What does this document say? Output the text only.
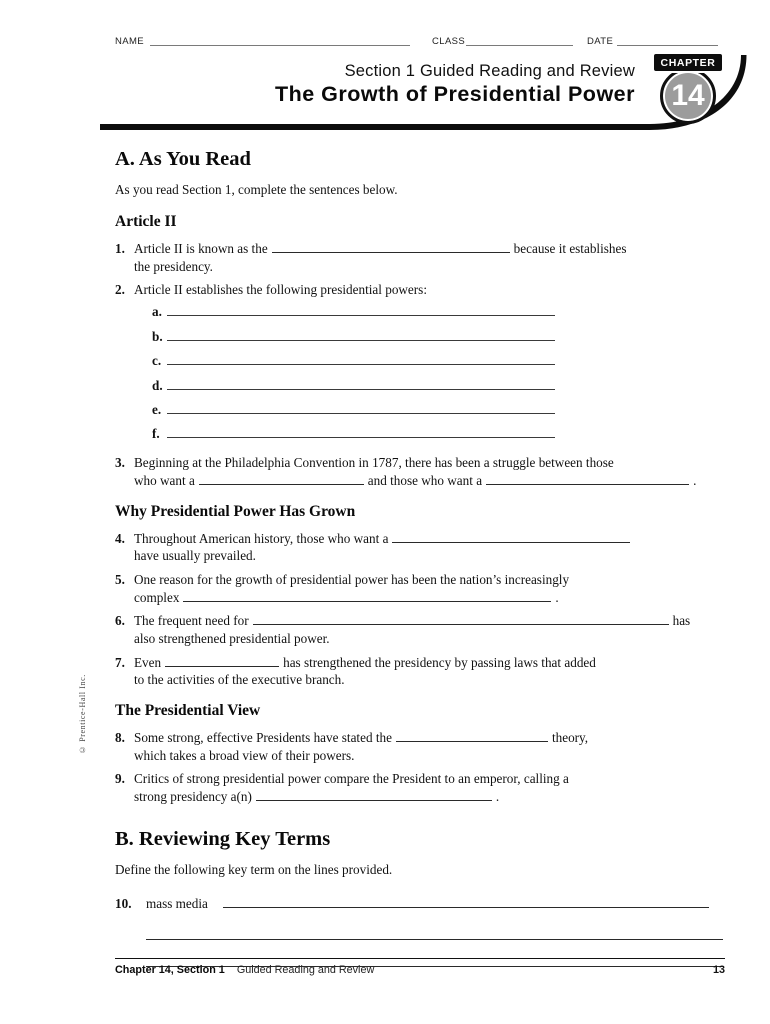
NAME	CLASS	DATE
Section 1 Guided Reading and Review
The Growth of Presidential Power	14
CHAPTER
A. As You Read
As you read Section 1, complete the sentences below.
Article II
1. Article II is known as the	because it establishes
the presidency.
2. Article II establishes the following presidential powers:
a.
b.
c.
d.
e.
f.
3. Beginning at the Philadelphia Convention in 1787, there has been a struggle between those
who want a	and those who want a	.
Why Presidential Power Has Grown
4. Throughout American history, those who want a
have usually prevailed.
5. One reason for the growth of presidential power has been the nation’s increasingly
complex	.
6. The frequent need for	has
also strengthened presidential power.
7. Even	has strengthened the presidency by passing laws that added
to the activities of the executive branch.
The Presidential View
8. Some strong, effective Presidents have stated the	theory,
which takes a broad view of their powers.
9. Critics of strong presidential power compare the President to an emperor, calling a
strong presidency a(n)	.
B. Reviewing Key Terms
Define the following key term on the lines provided.
10. mass media
© Prentice-Hall Inc.
Chapter 14, Section 1 Guided Reading and Review	13
